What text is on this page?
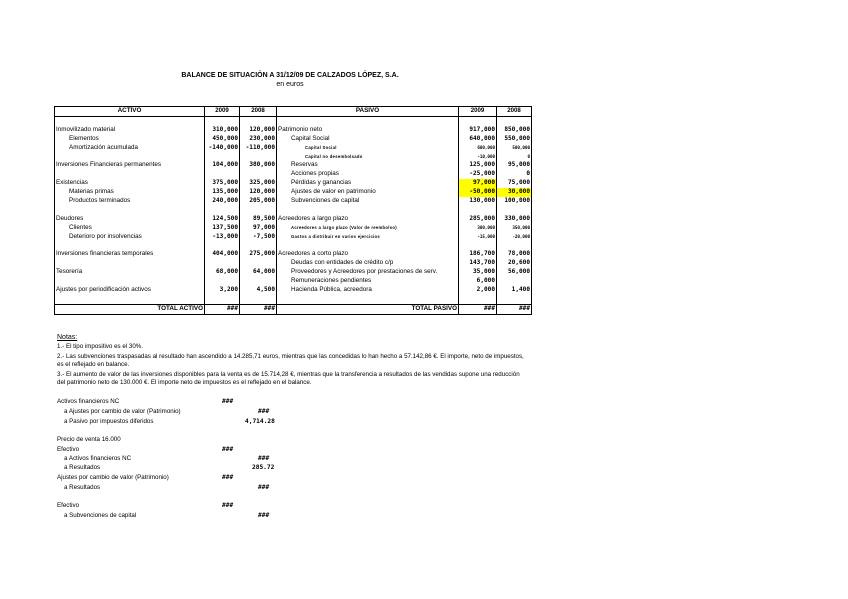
BALANCE DE SITUACIÓN A 31/12/09 DE CALZADOS LÓPEZ, S.A.
en euros
ACTIVO	2009	2008	PASIVO	2009	2008

Inmovilizado material	310,000	120,000	Patrimonio neto	917,000	850,000
Elementos	450,000	230,000	Capital Social	640,000	550,000
Amortización acumulada	-140,000	-110,000	Capital Social	600,000	500,000
			Capital no desembolsado	-10,000	0
Inversiones Financieras permanentes	104,000	380,000	Reservas	125,000	95,000
			Acciones propias	-25,000	0
Existencias	375,000	325,000	Pérdidas y ganancias	97,000	75,000
Materias primas	135,000	120,000	Ajustes de valor en patrimonio	-50,000	30,000
Productos terminados	240,000	205,000	Subvenciones de capital	130,000	100,000

Deudores	124,500	89,500	Acreedores a largo plazo	285,000	330,000
Clientes	137,500	97,000	Acreedores a largo plazo (Valor de reembolso)	300,000	350,000
Deterioro por insolvencias	-13,000	-7,500	Gastos a distribuir en varios ejercicios	-15,000	-20,000

Inversiones financieras temporales	404,000	275,000	Acreedores a corto plazo	186,700	78,000
			Deudas con entidades de crédito c/p	143,700	20,600
Tesorería	68,000	64,000	Proveedores y Acreedores por prestaciones de serv.	35,000	56,000
			Remuneraciones pendientes	6,000	
Ajustes por periodificación activos	3,200	4,500	Hacienda Pública, acreedora	2,000	1,400

TOTAL ACTIVO	###	###	TOTAL PASIVO	###	###
Notas:
1.- El tipo impositivo es el 30%.
2.- Las subvenciones traspasadas al resultado han ascendido a 14.285,71 euros, mientras que las concedidas lo han hecho a 57.142,86 €. El importe, neto de impuestos, es el reflejado en balance.
3.- El aumento de valor de las inversiones disponibles para la venta es de 15.714,28 €, mientras que la transferencia a resultados de las vendidas supone una reducción del patrimonio neto de 130.000 €. El importe neto de impuestos es el reflejado en el balance.
Activos financieros NC	###
a Ajustes por cambio de valor (Patrimonio)	###
a Pasivo por impuestos diferidos	4,714.28
Precio de venta 16.000
Efectivo	###
a Activos financieros NC	###
a Resultados	285.72
Ajustes por cambio de valor (Patrimonio)	###
a Resultados	###
Efectivo	###
a Subvenciones de capital	###
